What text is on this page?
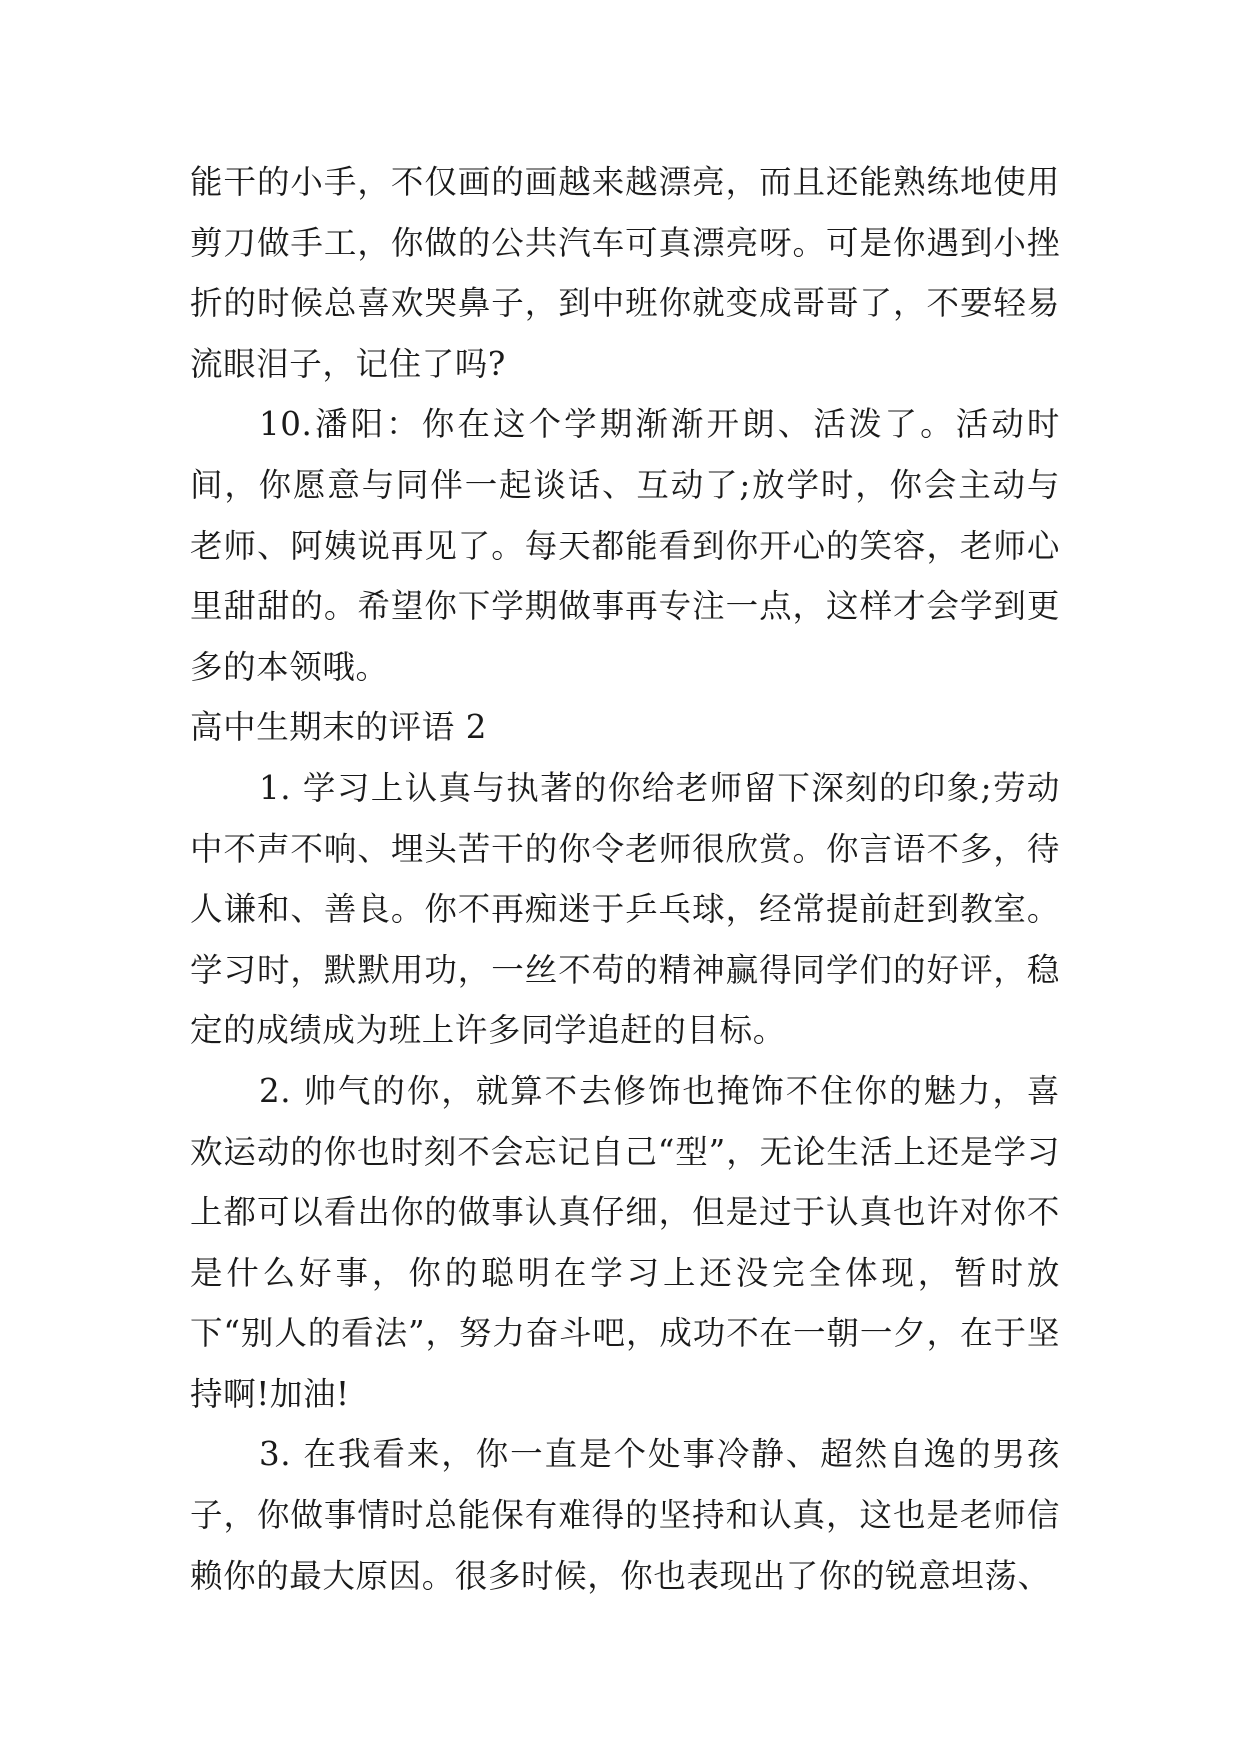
能干的小手，不仅画的画越来越漂亮，而且还能熟练地使用剪刀做手工，你做的公共汽车可真漂亮呀。可是你遇到小挫折的时候总喜欢哭鼻子，到中班你就变成哥哥了，不要轻易流眼泪子，记住了吗?

10.潘阳：你在这个学期渐渐开朗、活泼了。活动时间，你愿意与同伴一起谈话、互动了;放学时，你会主动与老师、阿姨说再见了。每天都能看到你开心的笑容，老师心里甜甜的。希望你下学期做事再专注一点，这样才会学到更多的本领哦。

高中生期末的评语 2

1. 学习上认真与执著的你给老师留下深刻的印象;劳动中不声不响、埋头苦干的你令老师很欣赏。你言语不多，待人谦和、善良。你不再痴迷于乒乓球，经常提前赶到教室。学习时，默默用功，一丝不苟的精神赢得同学们的好评，稳定的成绩成为班上许多同学追赶的目标。

2. 帅气的你，就算不去修饰也掩饰不住你的魅力，喜欢运动的你也时刻不会忘记自己“型”，无论生活上还是学习上都可以看出你的做事认真仔细，但是过于认真也许对你不是什么好事，你的聪明在学习上还没完全体现，暂时放下“别人的看法”，努力奋斗吧，成功不在一朝一夕，在于坚持啊!加油!

3. 在我看来，你一直是个处事冷静、超然自逸的男孩子，你做事情时总能保有难得的坚持和认真，这也是老师信赖你的最大原因。很多时候，你也表现出了你的锐意坦荡、
